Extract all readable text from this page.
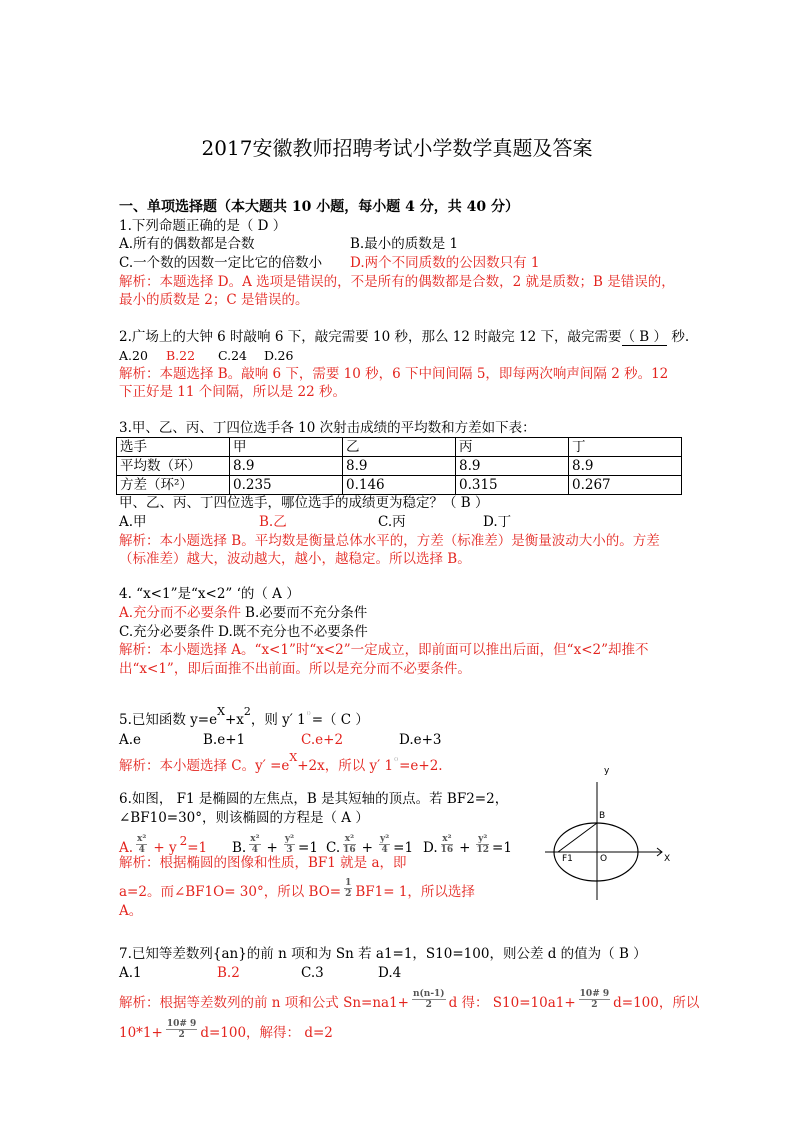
2017安徽教师招聘考试小学数学真题及答案
一、单项选择题（本大题共 10 小题，每小题 4 分，共 40 分）
1.下列命题正确的是（ D ）
A.所有的偶数都是合数	B.最小的质数是 1
C.一个数的因数一定比它的倍数小 D.两个不同质数的公因数只有 1
解析：本题选择 D。A 选项是错误的，不是所有的偶数都是合数，2 就是质数；B 是错误的，
最小的质数是 2；C 是错误的。
2.广场上的大钟 6 时敲响 6 下，敲完需要 10 秒，那么 12 时敲完 12 下，敲完需要（ B ） 秒.
A.20 B.22 C.24 D.26
解析：本题选择 B。敲响 6 下，需要 10 秒，6 下中间间隔 5，即每两次响声间隔 2 秒。12
下正好是 11 个间隔，所以是 22 秒。
3.甲、乙、丙、丁四位选手各 10 次射击成绩的平均数和方差如下表：
选手	甲	乙	丙	丁
平均数（环）	8.9	8.9	8.9	8.9
方差（环²）	0.235	0.146	0.315	0.267
甲、乙、丙、丁四位选手，哪位选手的成绩更为稳定？（ B ）
A.甲	B.乙	C.丙	D.丁
解析：本小题选择 B。平均数是衡量总体水平的，方差（标准差）是衡量波动大小的。方差
（标准差）越大，波动越大，越小，越稳定。所以选择 B。
4. “x<1”是“x<2” ‘的（ A ）
A.充分而不必要条件 B.必要而不充分条件
C.充分必要条件 D.既不充分也不必要条件
解析：本小题选择 A。“x<1”时“x<2”一定成立，即前面可以推出后面，但“x<2”却推不
出“x<1”，即后面推不出前面。所以是充分而不必要条件。
5.已知函数 $y=e^X+x^2$，则 y′ 1⁽⁾=（ C ）
A.e	B.e+1	C.e+2	D.e+3
解析：本小题选择 C。$y' =e^X+2x$，所以 y′ 1⁽⁾=e+2.
6.如图， F1 是椭圆的左焦点，B 是其短轴的顶点。若 BF2=2，
∠BF10=30°，则该椭圆的方程是（ A ）
A. $\frac{\text{x²}}{4} + y$ 2=1 B. $\frac{\text{x²}}{4} + \frac{\text{y²}}{3} =1$ C. $\frac{\text{x²}}{16} + \frac{\text{y²}}{4} =1$ D. $\frac{\text{x²}}{16} + \frac{\text{y²}}{12} =1$
解析：根据椭圆的图像和性质，BF1 就是 a，即
a=2。而∠BF1O= 30°，所以 $BO= \frac{1}{2} BF1= 1$，所以选择
A。
y
B
F1	O	X
7.已知等差数列{an}的前 n 项和为 Sn 若 a1=1，S10=100，则公差 d 的值为（ B ）
A.1	B.2	C.3	D.4
解析：根据等差数列的前 n 项和公式 $Sn=na1+ \frac{n(n-1)}{2}$ d 得： $S10=10a1+ \frac{10\# 9}{2} d=100$，所以
$10*1+ \frac{10\# 9}{2} d=100$，解得： d=2
